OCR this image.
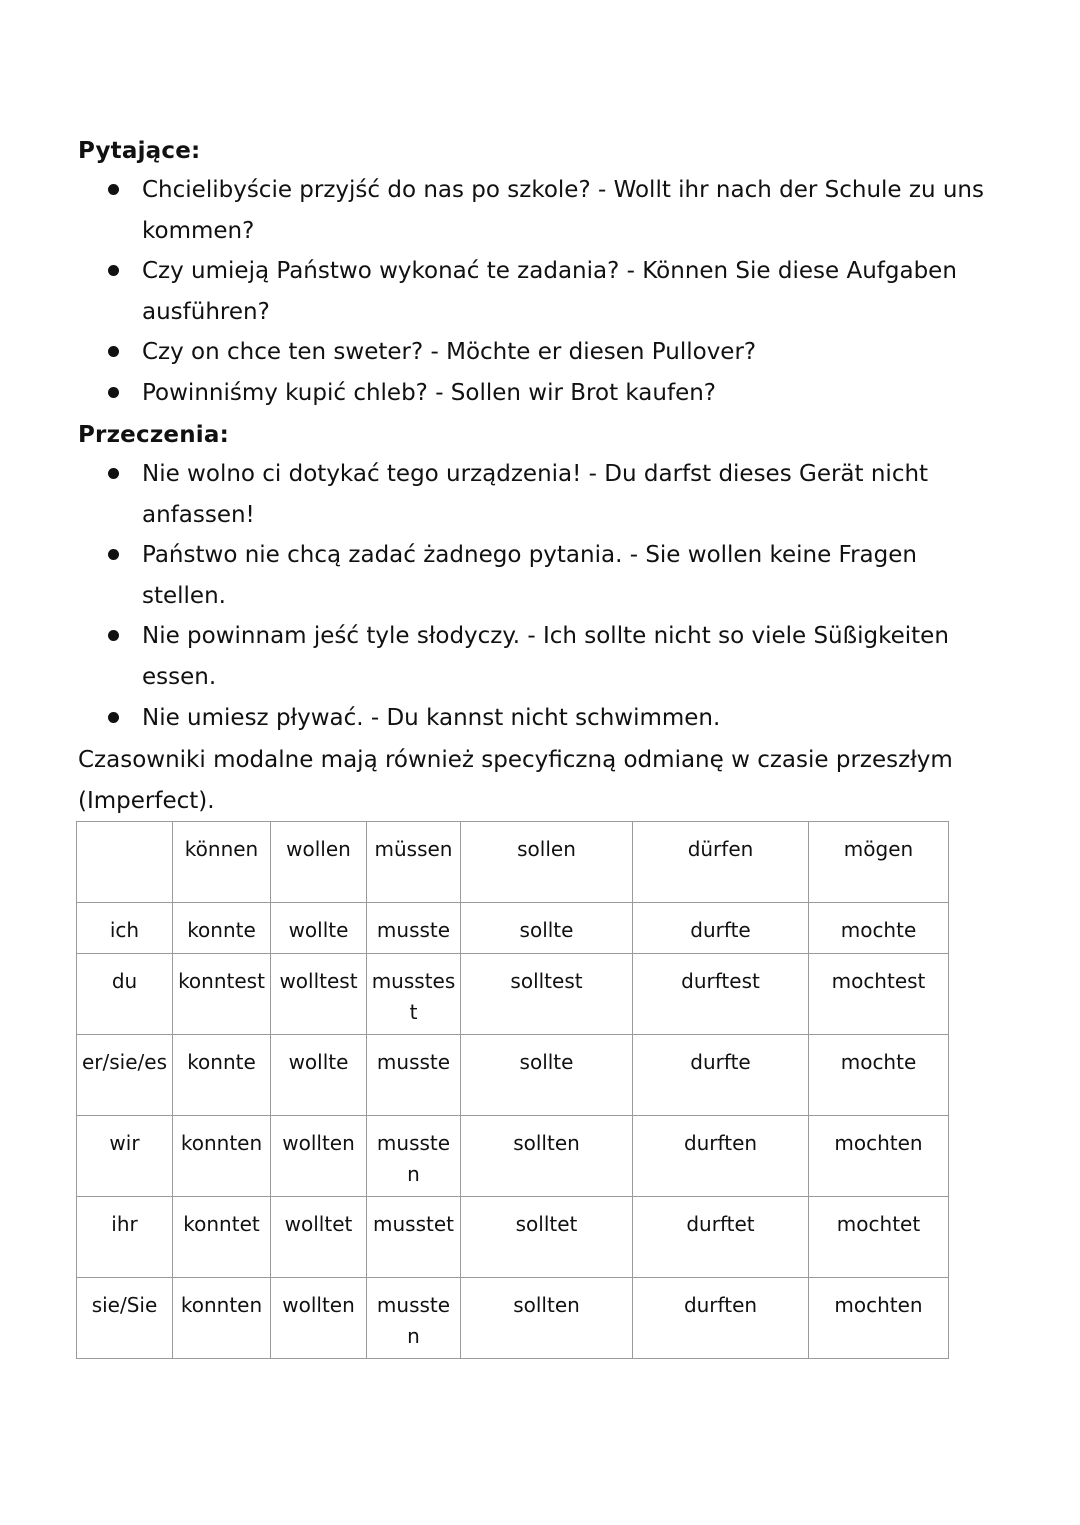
Pytające:
Chcielibyście przyjść do nas po szkole? - Wollt ihr nach der Schule zu uns kommen?
Czy umieją Państwo wykonać te zadania? - Können Sie diese Aufgaben ausführen?
Czy on chce ten sweter? - Möchte er diesen Pullover?
Powinniśmy kupić chleb? - Sollen wir Brot kaufen?
Przeczenia:
Nie wolno ci dotykać tego urządzenia! - Du darfst dieses Gerät nicht anfassen!
Państwo nie chcą zadać żadnego pytania. - Sie wollen keine Fragen stellen.
Nie powinnam jeść tyle słodyczy. - Ich sollte nicht so viele Süßigkeiten essen.
Nie umiesz pływać. - Du kannst nicht schwimmen.

Czasowniki modalne mają również specyficzną odmianę w czasie przeszłym (Imperfect).

	können	wollen	müssen	sollen	dürfen	mögen
ich	konnte	wollte	musste	sollte	durfte	mochte
du	konntest	wolltest	musstest	solltest	durftest	mochtest
er/sie/es	konnte	wollte	musste	sollte	durfte	mochte
wir	konnten	wollten	mussten	sollten	durften	mochten
ihr	konntet	wolltet	musstet	solltet	durftet	mochtet
sie/Sie	konnten	wollten	mussten	sollten	durften	mochten
